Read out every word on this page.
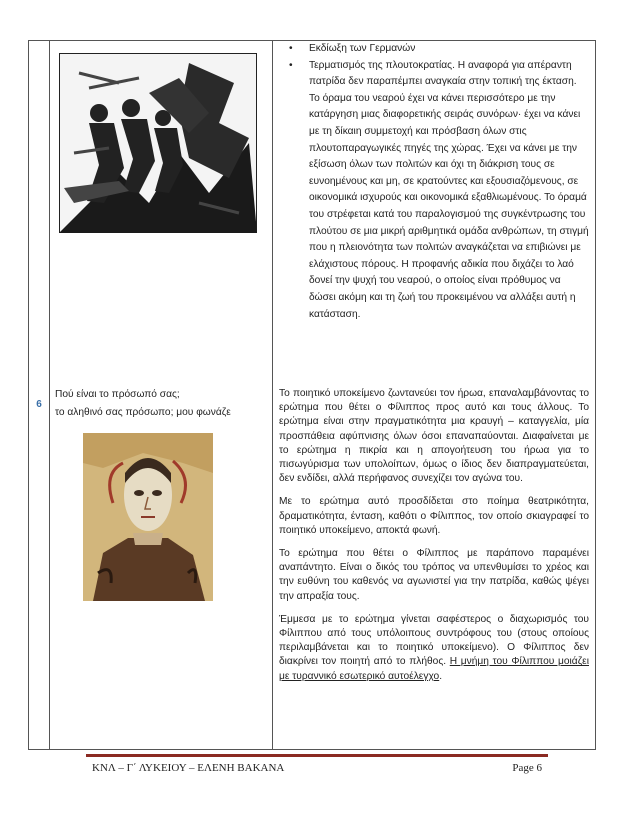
6
Πού είναι το πρόσωπό σας;
το αληθινό σας πρόσωπο; μου φωνάζε
• Εκδίωξη των Γερμανών
• Τερματισμός της πλουτοκρατίας. Η αναφορά για απέραντη πατρίδα δεν παραπέμπει αναγκαία στην τοπική της έκταση. Το όραμα του νεαρού έχει να κάνει περισσότερο με την κατάργηση μιας διαφορετικής σειράς συνόρων· έχει να κάνει με τη δίκαιη συμμετοχή και πρόσβαση όλων στις πλουτοπαραγωγικές πηγές της χώρας. Έχει να κάνει με την εξίσωση όλων των πολιτών και όχι τη διάκριση τους σε ευνοημένους και μη, σε κρατούντες και εξουσιαζόμενους, σε οικονομικά ισχυρούς και οικονομικά εξαθλιωμένους. Το όραμά του στρέφεται κατά του παραλογισμού της συγκέντρωσης του πλούτου σε μια μικρή αριθμητικά ομάδα ανθρώπων, τη στιγμή που η πλειονότητα των πολιτών αναγκάζεται να επιβιώνει με ελάχιστους πόρους. Η προφανής αδικία που διχάζει το λαό δονεί την ψυχή του νεαρού, ο οποίος είναι πρόθυμος να δώσει ακόμη και τη ζωή του προκειμένου να αλλάξει αυτή η κατάσταση.

Το ποιητικό υποκείμενο ζωντανεύει τον ήρωα, επαναλαμβάνοντας το ερώτημα που θέτει ο Φίλιππος προς αυτό και τους άλλους. Το ερώτημα είναι στην πραγματικότητα μια κραυγή – καταγγελία, μία προσπάθεια αφύπνισης όλων όσοι επαναπαύονται. Διαφαίνεται με το ερώτημα η πικρία και η απογοήτευση του ήρωα για το πισωγύρισμα των υπολοίπων, όμως ο ίδιος δεν διαπραγματεύεται, δεν ενδίδει, αλλά περήφανος συνεχίζει τον αγώνα του.

Με το ερώτημα αυτό προσδίδεται στο ποίημα θεατρικότητα, δραματικότητα, ένταση, καθότι ο Φίλιππος, τον οποίο σκιαγραφεί το ποιητικό υποκείμενο, αποκτά φωνή.

Το ερώτημα που θέτει ο Φίλιππος με παράπονο παραμένει αναπάντητο. Είναι ο δικός του τρόπος να υπενθυμίσει το χρέος και την ευθύνη του καθενός να αγωνιστεί για την πατρίδα, καθώς ψέγει την απραξία τους.

Έμμεσα με το ερώτημα γίνεται σαφέστερος ο διαχωρισμός του Φίλιππου από τους υπόλοιπους συντρόφους του (στους οποίους περιλαμβάνεται και το ποιητικό υποκείμενο). Ο Φίλιππος δεν διακρίνει τον ποιητή από το πλήθος. Η μνήμη του Φίλιππου μοιάζει με τυραννικό εσωτερικό αυτοέλεγχο.

ΚΝΛ – Γ΄ ΛΥΚΕΙΟΥ – ΕΛΕΝΗ ΒΑΚΑΝΑ	Page 6
